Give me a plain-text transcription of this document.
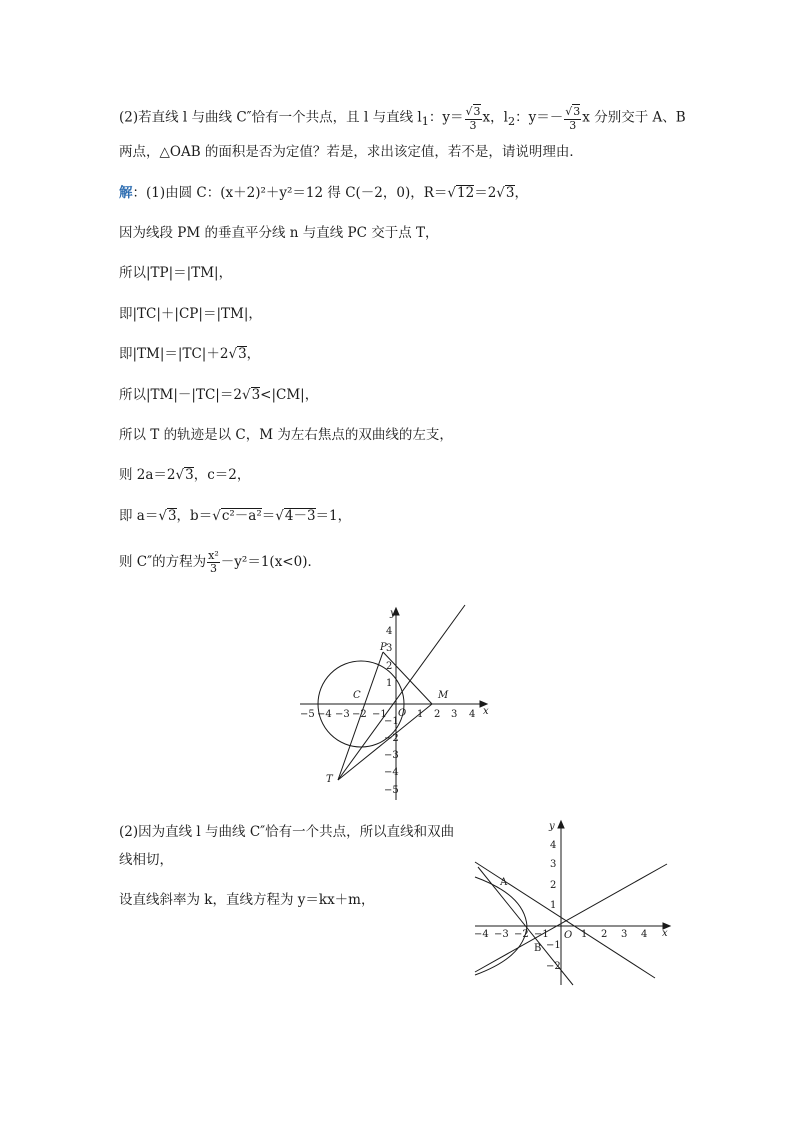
(2)若直线 l 与曲线 C″恰有一个共点，且 l 与直线 $l_1$：$y= \frac{√3}{3}$ x，$l_2$：$y=- \frac{√3}{3}$ x 分别交于 A、B
两点，△OAB 的面积是否为定值？若是，求出该定值，若不是，请说明理由．
解：(1)由圆 C：(x＋2)²＋y²＝12 得 C(－2，0)，R＝√12＝2√3，
因为线段 PM 的垂直平分线 n 与直线 PC 交于点 T，
所以|TP|＝|TM|，
即|TC|＋|CP|＝|TM|，
即|TM|＝|TC|＋2√3，
所以|TM|－|TC|＝2√3<|CM|，
所以 T 的轨迹是以 C，M 为左右焦点的双曲线的左支，
则 2a＝2√3，c＝2，
即 a＝√3，b＝√c²－a²＝√4－3＝1，
则 C″的方程为 $\frac{\text{x²}}{3} -y^2=1(x<0)$．
−5 −4 −3 −2 −1	1 2 3 4 x
4
3
2
1
−1
−2
−3
−4
−5
y
O
P
C	M
T
(2)因为直线 l 与曲线 C″恰有一个共点，所以直线和双曲
线相切，
设直线斜率为 k，直线方程为 y＝kx＋m，
−4 −3 −2 −1	1 2 3 4 x
4
3
2
1
−1
−2
y
O
A
B
